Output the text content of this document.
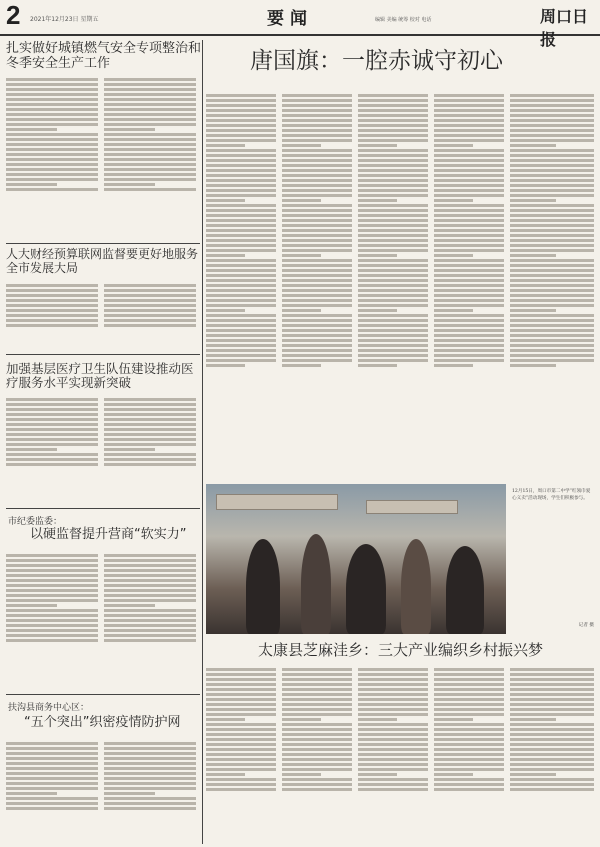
2 2021年12月23日 星期五	要闻	编辑 美编 统筹 校对 电话	周口日报
扎实做好城镇燃气安全专项整治和冬季安全生产工作	唐国旗：一腔赤诚守初心
人大财经预算联网监督要更好地服务全市发展大局
加强基层医疗卫生队伍建设推动医疗服务水平实现新突破
市纪委监委：
以硬监督提升营商“软实力”
扶沟县商务中心区：
“五个突出”织密疫情防护网
12月15日，周口市第二中学“红领巾爱心义卖”活动现场，学生们积极参与。
记者 摄
太康县芝麻洼乡：三大产业编织乡村振兴梦
